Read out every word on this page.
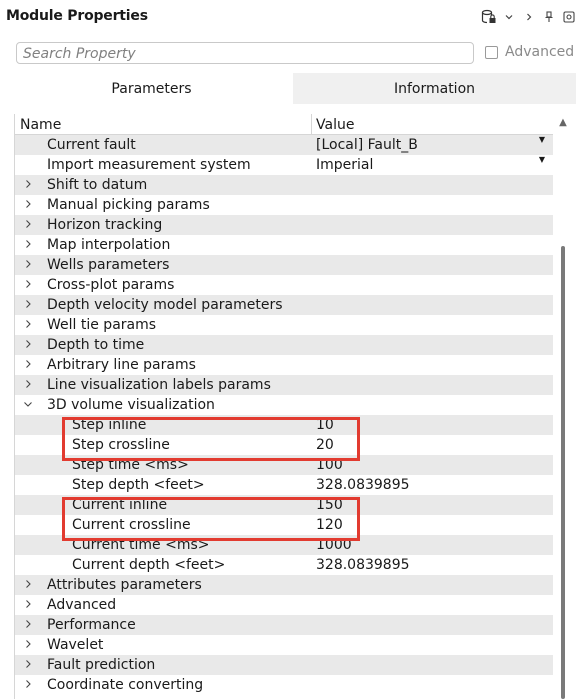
Module Properties
Search Property
Advanced
Parameters	Information
Name	Value
Current fault	[Local] Fault_B	▼
Import measurement system	Imperial	▼
Shift to datum
Manual picking params
Horizon tracking
Map interpolation
Wells parameters
Cross-plot params
Depth velocity model parameters
Well tie params
Depth to time
Arbitrary line params
Line visualization labels params
3D volume visualization
Step inline	10
Step crossline	20
Step time <ms>	100
Step depth <feet>	328.0839895
Current inline	150
Current crossline	120
Current time <ms>	1000
Current depth <feet>	328.0839895
Attributes parameters
Advanced
Performance
Wavelet
Fault prediction
Coordinate converting
▲
